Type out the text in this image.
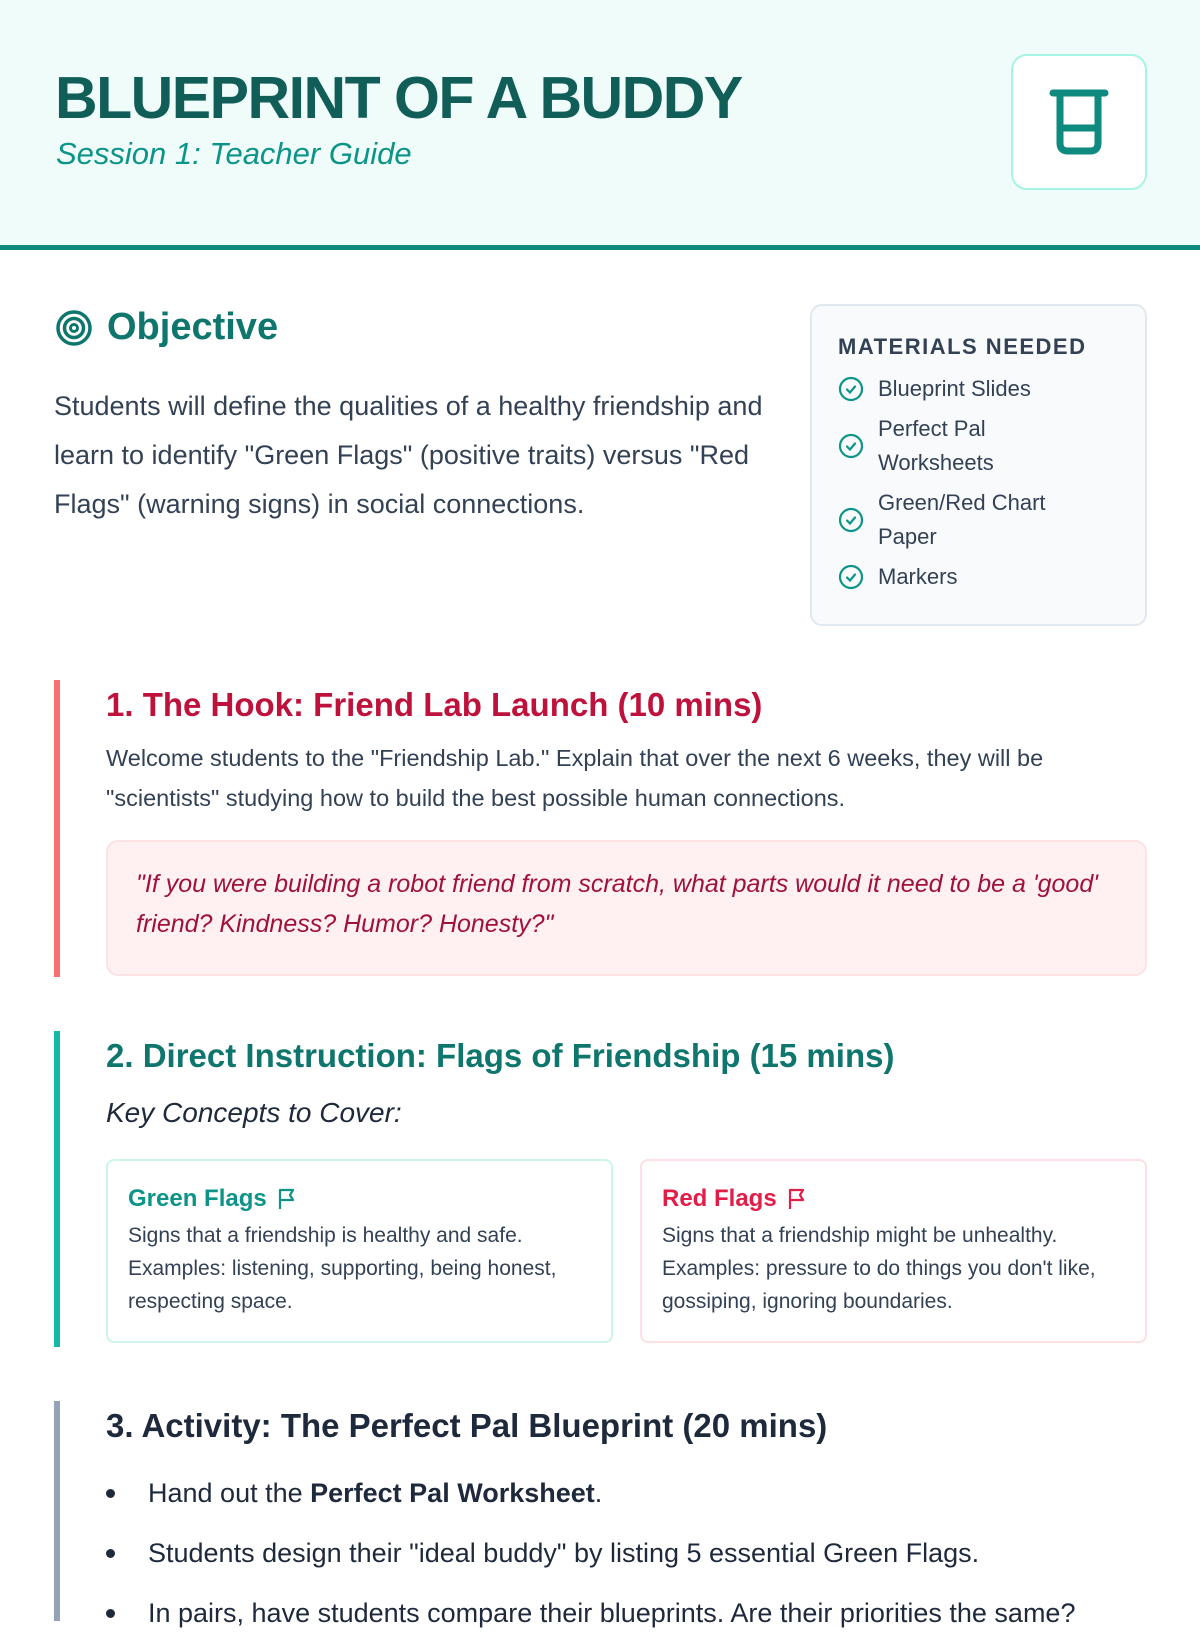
BLUEPRINT OF A BUDDY
Session 1: Teacher Guide
Objective

Students will define the qualities of a healthy friendship and learn to identify "Green Flags" (positive traits) versus "Red Flags" (warning signs) in social connections.

MATERIALS NEEDED
Blueprint Slides
Perfect Pal Worksheets
Green/Red Chart Paper
Markers
1. The Hook: Friend Lab Launch (10 mins)

Welcome students to the "Friendship Lab." Explain that over the next 6 weeks, they will be "scientists" studying how to build the best possible human connections.

"If you were building a robot friend from scratch, what parts would it need to be a 'good' friend? Kindness? Humor? Honesty?"
2. Direct Instruction: Flags of Friendship (15 mins)

Key Concepts to Cover:

Green Flags

Signs that a friendship is healthy and safe. Examples: listening, supporting, being honest, respecting space.

Red Flags

Signs that a friendship might be unhealthy. Examples: pressure to do things you don't like, gossiping, ignoring boundaries.

3. Activity: The Perfect Pal Blueprint (20 mins)
Hand out the Perfect Pal Worksheet.
Students design their "ideal buddy" by listing 5 essential Green Flags.
In pairs, have students compare their blueprints. Are their priorities the same?
